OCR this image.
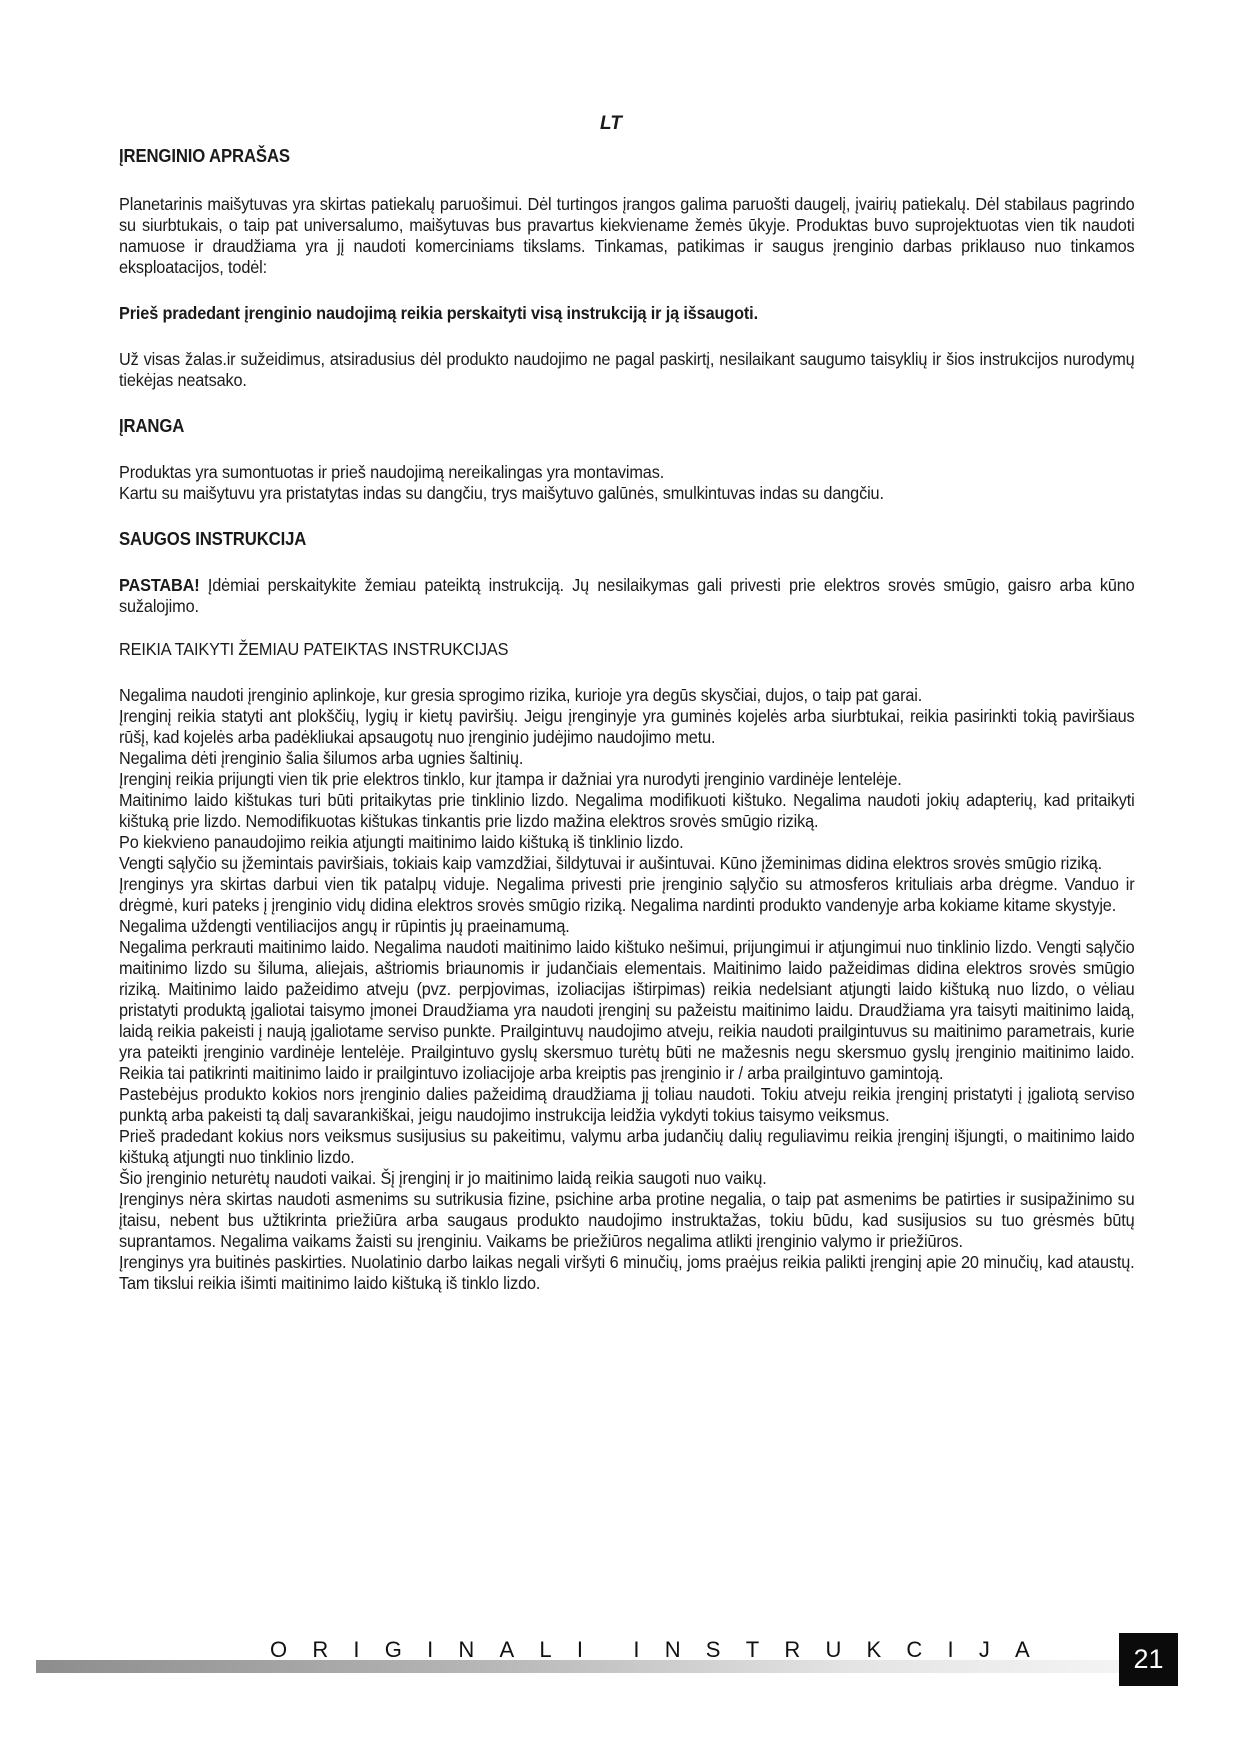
LT

ĮRENGINIO APRAŠAS

Planetarinis maišytuvas yra skirtas patiekalų paruošimui. Dėl turtingos įrangos galima paruošti daugelį, įvairių patiekalų. Dėl stabilaus pagrindo su siurbtukais, o taip pat universalumo, maišytuvas bus pravartus kiekviename žemės ūkyje. Produktas buvo suprojektuotas vien tik naudoti namuose ir draudžiama yra jį naudoti komerciniams tikslams. Tinkamas, patikimas ir saugus įrenginio darbas priklauso nuo tinkamos eksploatacijos, todėl:

Prieš pradedant įrenginio naudojimą reikia perskaityti visą instrukciją ir ją išsaugoti.

Už visas žalas.ir sužeidimus, atsiradusius dėl produkto naudojimo ne pagal paskirtį, nesilaikant saugumo taisyklių ir šios instrukcijos nurodymų tiekėjas neatsako.

ĮRANGA

Produktas yra sumontuotas ir prieš naudojimą nereikalingas yra montavimas.

Kartu su maišytuvu yra pristatytas indas su dangčiu, trys maišytuvo galūnės, smulkintuvas indas su dangčiu.

SAUGOS INSTRUKCIJA

PASTABA! Įdėmiai perskaitykite žemiau pateiktą instrukciją. Jų nesilaikymas gali privesti prie elektros srovės smūgio, gaisro arba kūno sužalojimo.

REIKIA TAIKYTI ŽEMIAU PATEIKTAS INSTRUKCIJAS

Negalima naudoti įrenginio aplinkoje, kur gresia sprogimo rizika, kurioje yra degūs skysčiai, dujos, o taip pat garai.

Įrenginį reikia statyti ant plokščių, lygių ir kietų paviršių. Jeigu įrenginyje yra guminės kojelės arba siurbtukai, reikia pasirinkti tokią paviršiaus rūšį, kad kojelės arba padėkliukai apsaugotų nuo įrenginio judėjimo naudojimo metu.

Negalima dėti įrenginio šalia šilumos arba ugnies šaltinių.

Įrenginį reikia prijungti vien tik prie elektros tinklo, kur įtampa ir dažniai yra nurodyti įrenginio vardinėje lentelėje.

Maitinimo laido kištukas turi būti pritaikytas prie tinklinio lizdo. Negalima modifikuoti kištuko. Negalima naudoti jokių adapterių, kad pritaikyti kištuką prie lizdo. Nemodifikuotas kištukas tinkantis prie lizdo mažina elektros srovės smūgio riziką.

Po kiekvieno panaudojimo reikia atjungti maitinimo laido kištuką iš tinklinio lizdo.

Vengti sąlyčio su įžemintais paviršiais, tokiais kaip vamzdžiai, šildytuvai ir aušintuvai. Kūno įžeminimas didina elektros srovės smūgio riziką.

Įrenginys yra skirtas darbui vien tik patalpų viduje. Negalima privesti prie įrenginio sąlyčio su atmosferos krituliais arba drėgme. Vanduo ir drėgmė, kuri pateks į įrenginio vidų didina elektros srovės smūgio riziką. Negalima nardinti produkto vandenyje arba kokiame kitame skystyje.

Negalima uždengti ventiliacijos angų ir rūpintis jų praeinamumą.

Negalima perkrauti maitinimo laido. Negalima naudoti maitinimo laido kištuko nešimui, prijungimui ir atjungimui nuo tinklinio lizdo. Vengti sąlyčio maitinimo lizdo su šiluma, aliejais, aštriomis briaunomis ir judančiais elementais. Maitinimo laido pažeidimas didina elektros srovės smūgio riziką. Maitinimo laido pažeidimo atveju (pvz. perpjovimas, izoliacijas ištirpimas) reikia nedelsiant atjungti laido kištuką nuo lizdo, o vėliau pristatyti produktą įgaliotai taisymo įmonei Draudžiama yra naudoti įrenginį su pažeistu maitinimo laidu. Draudžiama yra taisyti maitinimo laidą, laidą reikia pakeisti į naują įgaliotame serviso punkte. Prailgintuvų naudojimo atveju, reikia naudoti prailgintuvus su maitinimo parametrais, kurie yra pateikti įrenginio vardinėje lentelėje. Prailgintuvo gyslų skersmuo turėtų būti ne mažesnis negu skersmuo gyslų įrenginio maitinimo laido. Reikia tai patikrinti maitinimo laido ir prailgintuvo izoliacijoje arba kreiptis pas įrenginio ir / arba prailgintuvo gamintoją.

Pastebėjus produkto kokios nors įrenginio dalies pažeidimą draudžiama jį toliau naudoti. Tokiu atveju reikia įrenginį pristatyti į įgaliotą serviso punktą arba pakeisti tą dalį savarankiškai, jeigu naudojimo instrukcija leidžia vykdyti tokius taisymo veiksmus.

Prieš pradedant kokius nors veiksmus susijusius su pakeitimu, valymu arba judančių dalių reguliavimu reikia įrenginį išjungti, o maitinimo laido kištuką atjungti nuo tinklinio lizdo.

Šio įrenginio neturėtų naudoti vaikai. Šį įrenginį ir jo maitinimo laidą reikia saugoti nuo vaikų.

Įrenginys nėra skirtas naudoti asmenims su sutrikusia fizine, psichine arba protine negalia, o taip pat asmenims be patirties ir susipažinimo su įtaisu, nebent bus užtikrinta priežiūra arba saugaus produkto naudojimo instruktažas, tokiu būdu, kad susijusios su tuo grėsmės būtų suprantamos. Negalima vaikams žaisti su įrenginiu. Vaikams be priežiūros negalima atlikti įrenginio valymo ir priežiūros.

Įrenginys yra buitinės paskirties. Nuolatinio darbo laikas negali viršyti 6 minučių, joms praėjus reikia palikti įrenginį apie 20 minučių, kad ataustų. Tam tikslui reikia išimti maitinimo laido kištuką iš tinklo lizdo.

O R I G I N A L I I N S T R U K C I J A	21
